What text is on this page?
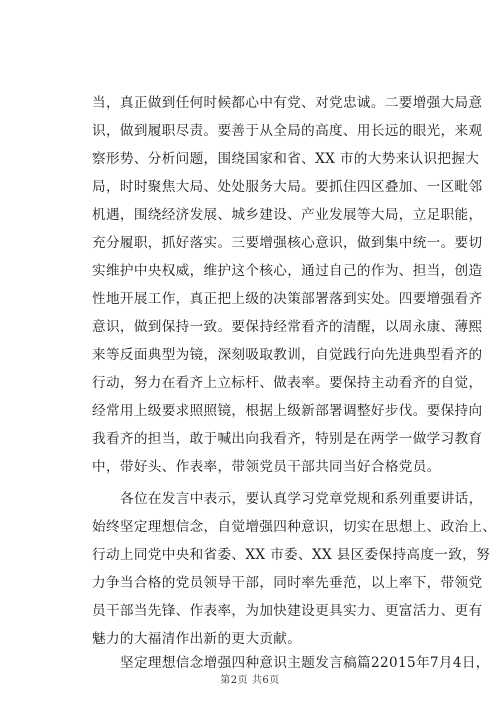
当，真正做到任何时候都心中有党、对党忠诚。二要增强大局意
识，做到履职尽责。要善于从全局的高度、用长远的眼光，来观
察形势、分析问题，围绕国家和省、XX 市的大势来认识把握大
局，时时聚焦大局、处处服务大局。要抓住四区叠加、一区毗邻
机遇，围绕经济发展、城乡建设、产业发展等大局，立足职能，
充分履职，抓好落实。三要增强核心意识，做到集中统一。要切
实维护中央权威，维护这个核心，通过自己的作为、担当，创造
性地开展工作，真正把上级的决策部署落到实处。四要增强看齐
意识，做到保持一致。要保持经常看齐的清醒，以周永康、薄熙
来等反面典型为镜，深刻吸取教训，自觉践行向先进典型看齐的
行动，努力在看齐上立标杆、做表率。要保持主动看齐的自觉，
经常用上级要求照照镜，根据上级新部署调整好步伐。要保持向
我看齐的担当，敢于喊出向我看齐，特别是在两学一做学习教育
中，带好头、作表率，带领党员干部共同当好合格党员。
各位在发言中表示，要认真学习党章党规和系列重要讲话，
始终坚定理想信念，自觉增强四种意识，切实在思想上、政治上、
行动上同党中央和省委、XX 市委、XX 县区委保持高度一致，努
力争当合格的党员领导干部，同时率先垂范，以上率下，带领党
员干部当先锋、作表率，为加快建设更具实力、更富活力、更有
魅力的大福清作出新的更大贡献。
坚定理想信念增强四种意识主题发言稿篇22015年7月4日，
第2页 共6页
